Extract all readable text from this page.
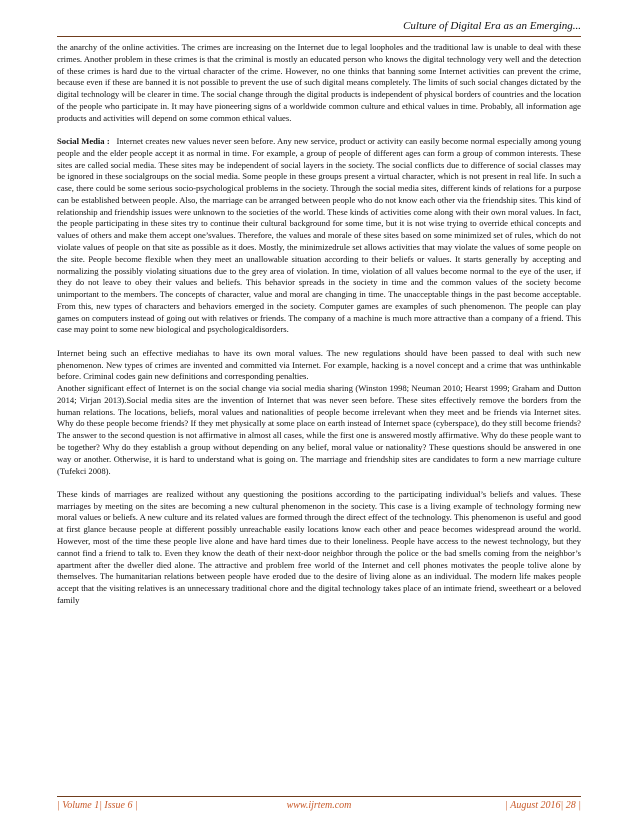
Culture of Digital Era as an Emerging...

the anarchy of the online activities. The crimes are increasing on the Internet due to legal loopholes and the traditional law is unable to deal with these crimes. Another problem in these crimes is that the criminal is mostly an educated person who knows the digital technology very well and the detection of these crimes is hard due to the virtual character of the crime. However, no one thinks that banning some Internet activities can prevent the crime, because even if these are banned it is not possible to prevent the use of such digital means completely. The limits of such social changes dictated by the digital technology will be clearer in time. The social change through the digital products is independent of physical borders of countries and the location of the people who participate in. It may have pioneering signs of a worldwide common culture and ethical values in time. Probably, all information age products and activities will depend on some common ethical values.

Social Media : Internet creates new values never seen before. Any new service, product or activity can easily become normal especially among young people and the elder people accept it as normal in time. For example, a group of people of different ages can form a group of common interests. These sites are called social media. These sites may be independent of social layers in the society. The social conflicts due to difference of social classes may be ignored in these socialgroups on the social media. Some people in these groups present a virtual character, which is not present in real life. In such a case, there could be some serious socio-psychological problems in the society. Through the social media sites, different kinds of relations for a purpose can be established between people. Also, the marriage can be arranged between people who do not know each other via the friendship sites. This kind of relationship and friendship issues were unknown to the societies of the world. These kinds of activities come along with their own moral values. In fact, the people participating in these sites try to continue their cultural background for some time, but it is not wise trying to override ethical concepts and values of others and make them accept one’svalues. Therefore, the values and morale of these sites based on some minimized set of rules, which do not violate values of people on that site as possible as it does. Mostly, the minimizedrule set allows activities that may violate the values of some people on the site. People become flexible when they meet an unallowable situation according to their beliefs or values. It starts generally by accepting and normalizing the possibly violating situations due to the grey area of violation. In time, violation of all values become normal to the eye of the user, if they do not leave to obey their values and beliefs. This behavior spreads in the society in time and the common values of the society become unimportant to the members. The concepts of character, value and moral are changing in time. The unacceptable things in the past become acceptable. From this, new types of characters and behaviors emerged in the society. Computer games are examples of such phenomenon. The people can play games on computers instead of going out with relatives or friends. The company of a machine is much more attractive than a company of a friend. This case may point to some new biological and psychologicaldisorders.

Internet being such an effective mediahas to have its own moral values. The new regulations should have been passed to deal with such new phenomenon. New types of crimes are invented and committed via Internet. For example, hacking is a novel concept and a crime that was unthinkable before. Criminal codes gain new definitions and corresponding penalties.

Another significant effect of Internet is on the social change via social media sharing (Winston 1998; Neuman 2010; Hearst 1999; Graham and Dutton 2014; Virjan 2013).Social media sites are the invention of Internet that was never seen before. These sites effectively remove the borders from the human relations. The locations, beliefs, moral values and nationalities of people become irrelevant when they meet and be friends via Internet sites. Why do these people become friends? If they met physically at some place on earth instead of Internet space (cyberspace), do they still become friends? The answer to the second question is not affirmative in almost all cases, while the first one is answered mostly affirmative. Why do these people want to be together? Why do they establish a group without depending on any belief, moral value or nationality? These questions should be answered in one way or another. Otherwise, it is hard to understand what is going on. The marriage and friendship sites are candidates to form a new marriage culture (Tufekci 2008).

These kinds of marriages are realized without any questioning the positions according to the participating individual’s beliefs and values. These marriages by meeting on the sites are becoming a new cultural phenomenon in the society. This case is a living example of technology forming new moral values or beliefs. A new culture and its related values are formed through the direct effect of the technology. This phenomenon is useful and good at first glance because people at different possibly unreachable easily locations know each other and peace becomes widespread around the world. However, most of the time these people live alone and have hard times due to their loneliness. People have access to the newest technology, but they cannot find a friend to talk to. Even they know the death of their next-door neighbor through the police or the bad smells coming from the neighbor’s apartment after the dweller died alone. The attractive and problem free world of the Internet and cell phones motivates the people tolive alone by themselves. The humanitarian relations between people have eroded due to the desire of living alone as an individual. The modern life makes people accept that the visiting relatives is an unnecessary traditional chore and the digital technology takes place of an intimate friend, sweetheart or a beloved family

| Volume 1| Issue 6 |	www.ijrtem.com	| August 2016| 28 |
